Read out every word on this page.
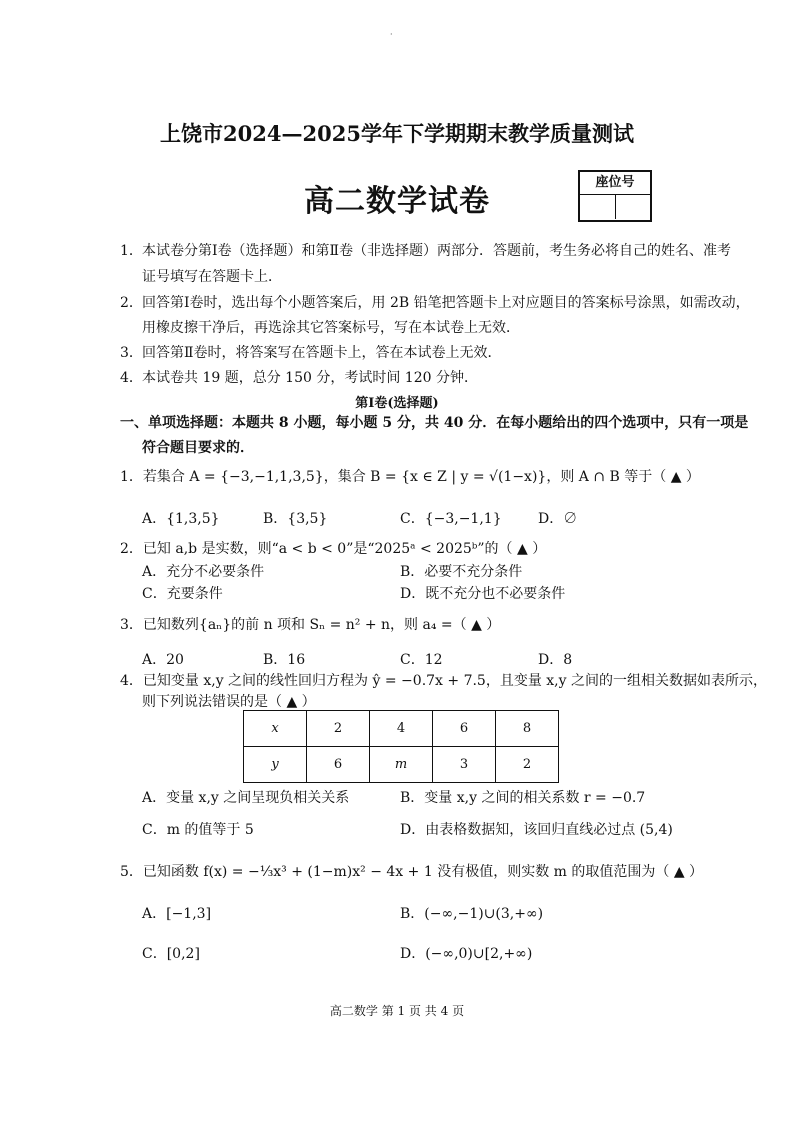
·
上饶市2024—2025学年下学期期末教学质量测试
高二数学试卷
座位号
1． 本试卷分第Ⅰ卷（选择题）和第Ⅱ卷（非选择题）两部分．答题前，考生务必将自己的姓名、准考
证号填写在答题卡上．
2． 回答第Ⅰ卷时，选出每个小题答案后，用 2B 铅笔把答题卡上对应题目的答案标号涂黑，如需改动，
用橡皮擦干净后，再选涂其它答案标号，写在本试卷上无效．
3． 回答第Ⅱ卷时，将答案写在答题卡上，答在本试卷上无效．
4． 本试卷共 19 题，总分 150 分，考试时间 120 分钟．
第Ⅰ卷(选择题)
一、单项选择题：本题共 8 小题，每小题 5 分，共 40 分．在每小题给出的四个选项中，只有一项是
符合题目要求的．
1．若集合 A = {−3,−1,1,3,5}，集合 B = {x ∈ Z | y = √(1−x)}，则 A ∩ B 等于（ ▲ ）
A．{1,3,5}	B．{3,5}	C．{−3,−1,1}	D．∅
2．已知 a,b 是实数，则“a < b < 0”是“2025ᵃ < 2025ᵇ”的（ ▲ ）
A．充分不必要条件	B．必要不充分条件
C．充要条件	D．既不充分也不必要条件
3．已知数列{aₙ}的前 n 项和 Sₙ = n² + n，则 a₄ =（ ▲ ）
A．20	B．16	C．12	D．8
4．已知变量 x,y 之间的线性回归方程为 ŷ = −0.7x + 7.5，且变量 x,y 之间的一组相关数据如表所示，
则下列说法错误的是（ ▲ ）
x	2	4	6	8
y	6	m	3	2
A．变量 x,y 之间呈现负相关关系	B．变量 x,y 之间的相关系数 r = −0.7
C．m 的值等于 5	D．由表格数据知，该回归直线必过点 (5,4)
5．已知函数 f(x) = −⅓x³ + (1−m)x² − 4x + 1 没有极值，则实数 m 的取值范围为（ ▲ ）
A．[−1,3]	B．(−∞,−1)∪(3,+∞)
C．[0,2]	D．(−∞,0)∪[2,+∞)
高二数学 第 1 页 共 4 页
